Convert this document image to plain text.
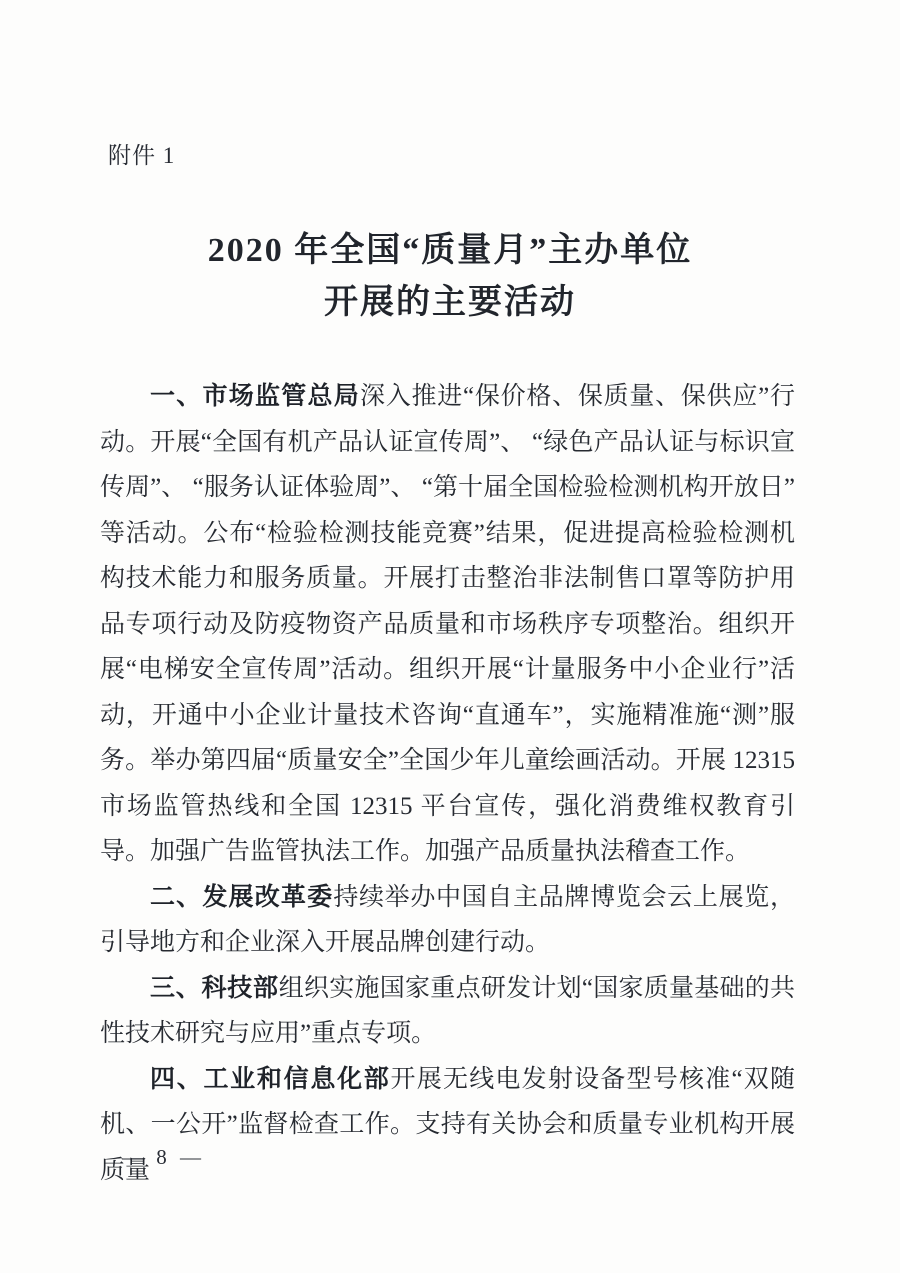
附件 1
2020 年全国“质量月”主办单位
开展的主要活动

一、市场监管总局深入推进“保价格、保质量、保供应”行动。开展“全国有机产品认证宣传周”、 “绿色产品认证与标识宣传周”、 “服务认证体验周”、 “第十届全国检验检测机构开放日”等活动。公布“检验检测技能竞赛”结果，促进提高检验检测机构技术能力和服务质量。开展打击整治非法制售口罩等防护用品专项行动及防疫物资产品质量和市场秩序专项整治。组织开展“电梯安全宣传周”活动。组织开展“计量服务中小企业行”活动，开通中小企业计量技术咨询“直通车”，实施精准施“测”服务。举办第四届“质量安全”全国少年儿童绘画活动。开展 12315 市场监管热线和全国 12315 平台宣传，强化消费维权教育引导。加强广告监管执法工作。加强产品质量执法稽查工作。

二、发展改革委持续举办中国自主品牌博览会云上展览，引导地方和企业深入开展品牌创建行动。

三、科技部组织实施国家重点研发计划“国家质量基础的共性技术研究与应用”重点专项。

四、工业和信息化部开展无线电发射设备型号核准“双随机、一公开”监督检查工作。支持有关协会和质量专业机构开展质量

— 8 —
